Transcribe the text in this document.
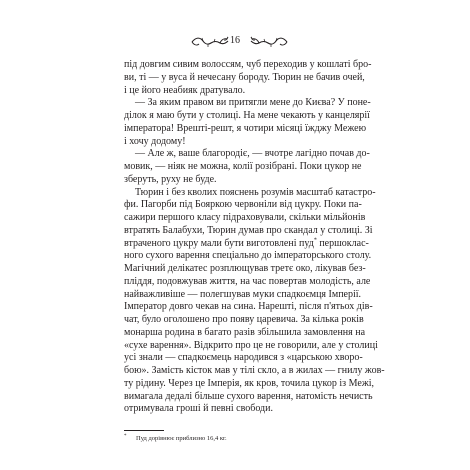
16
під довгим сивим волоссям, чуб переходив у кошлаті бро-
ви, ті — у вуса й нечесану бороду. Тюрин не бачив очей,
і це його неабияк дратувало.
— За яким правом ви притягли мене до Києва? У поне-
ділок я маю бути у столиці. На мене чекають у канцелярії
імператора! Врешті-решт, я чотири місяці їжджу Межею
і хочу додому!
— Але ж, ваше благородіє, — вчотре лагідно почав до-
мовик, — ніяк не можна, колії розібрані. Поки цукор не
зберуть, руху не буде.
Тюрин і без кволих пояснень розумів масштаб катастро-
фи. Пагорби під Бояркою червоніли від цукру. Поки па-
сажири першого класу підраховували, скільки мільйонів
втратять Балабухи, Тюрин думав про скандал у столиці. Зі
втраченого цукру мали бути виготовлені пуд* першоклас-
ного сухого варення спеціально до імператорського столу.
Магічний делікатес розплющував третє око, лікував без-
пліддя, подовжував життя, на час повертав молодість, але
найважливіше — полегшував муки спадкоємця Імперії.
Імператор довго чекав на сина. Нарешті, після п'ятьох дів-
чат, було оголошено про появу царевича. За кілька років
монарша родина в багато разів збільшила замовлення на
«сухе варення». Відкрито про це не говорили, але у столиці
усі знали — спадкоємець народився з «царською хворо-
бою». Замість кісток мав у тілі скло, а в жилах — гнилу жов-
ту рідину. Через це Імперія, як кров, точила цукор із Межі,
вимагала дедалі більше сухого варення, натомість нечисть
отримувала гроші й певні свободи.
* Пуд дорівнює приблизно 16,4 кг.
